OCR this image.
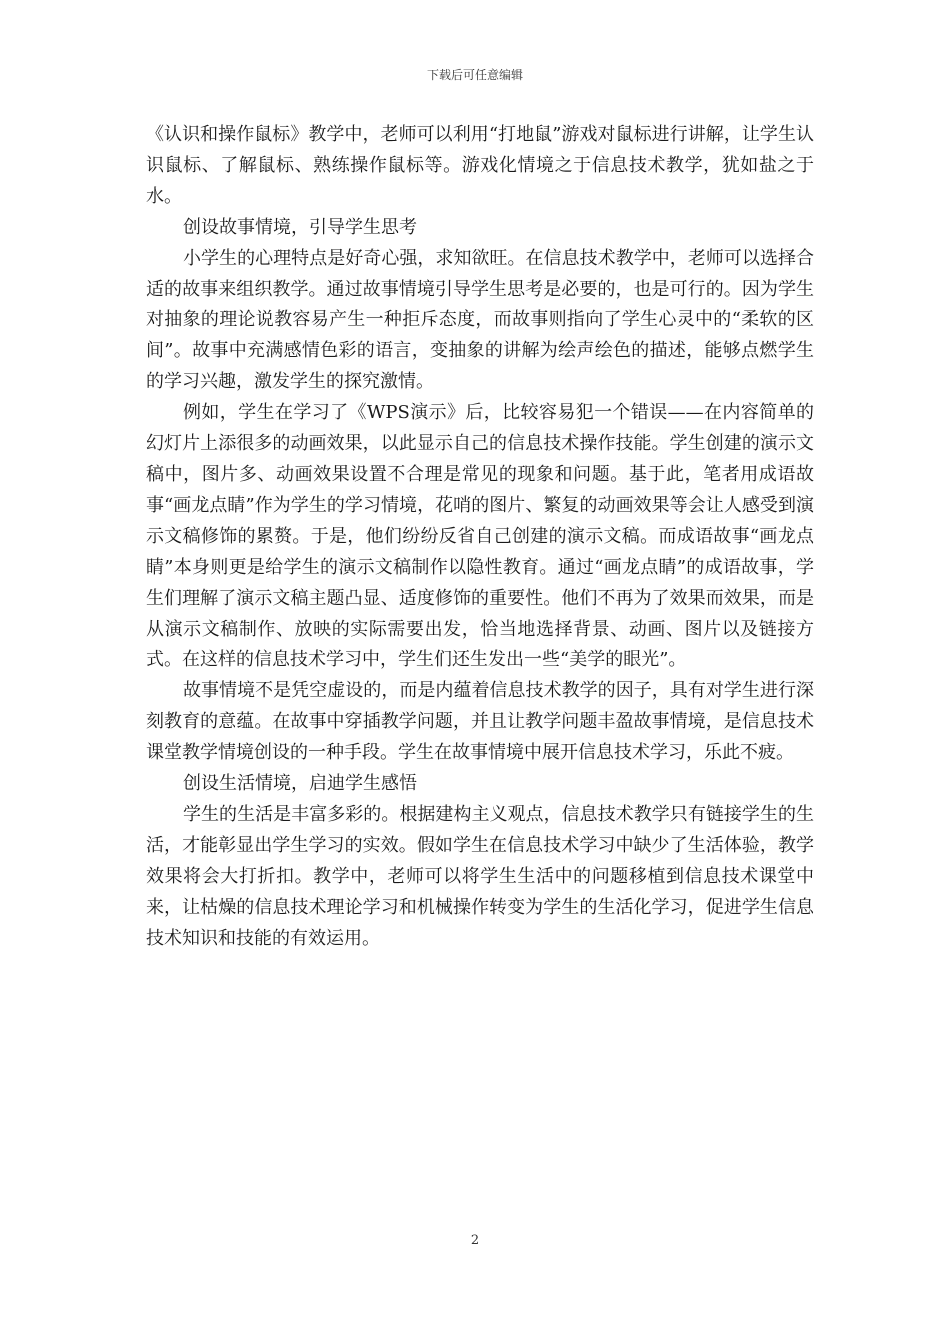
下载后可任意编辑

《认识和操作鼠标》教学中，老师可以利用“打地鼠”游戏对鼠标进行讲解，让学生认识鼠标、了解鼠标、熟练操作鼠标等。游戏化情境之于信息技术教学，犹如盐之于水。

创设故事情境，引导学生思考

小学生的心理特点是好奇心强，求知欲旺。在信息技术教学中，老师可以选择合适的故事来组织教学。通过故事情境引导学生思考是必要的，也是可行的。因为学生对抽象的理论说教容易产生一种拒斥态度，而故事则指向了学生心灵中的“柔软的区间”。故事中充满感情色彩的语言，变抽象的讲解为绘声绘色的描述，能够点燃学生的学习兴趣，激发学生的探究激情。

例如，学生在学习了《WPS演示》后，比较容易犯一个错误——在内容简单的幻灯片上添很多的动画效果，以此显示自己的信息技术操作技能。学生创建的演示文稿中，图片多、动画效果设置不合理是常见的现象和问题。基于此，笔者用成语故事“画龙点睛”作为学生的学习情境，花哨的图片、繁复的动画效果等会让人感受到演示文稿修饰的累赘。于是，他们纷纷反省自己创建的演示文稿。而成语故事“画龙点睛”本身则更是给学生的演示文稿制作以隐性教育。通过“画龙点睛”的成语故事，学生们理解了演示文稿主题凸显、适度修饰的重要性。他们不再为了效果而效果，而是从演示文稿制作、放映的实际需要出发，恰当地选择背景、动画、图片以及链接方式。在这样的信息技术学习中，学生们还生发出一些“美学的眼光”。

故事情境不是凭空虚设的，而是内蕴着信息技术教学的因子，具有对学生进行深刻教育的意蕴。在故事中穿插教学问题，并且让教学问题丰盈故事情境，是信息技术课堂教学情境创设的一种手段。学生在故事情境中展开信息技术学习，乐此不疲。

创设生活情境，启迪学生感悟

学生的生活是丰富多彩的。根据建构主义观点，信息技术教学只有链接学生的生活，才能彰显出学生学习的实效。假如学生在信息技术学习中缺少了生活体验，教学效果将会大打折扣。教学中，老师可以将学生生活中的问题移植到信息技术课堂中来，让枯燥的信息技术理论学习和机械操作转变为学生的生活化学习，促进学生信息技术知识和技能的有效运用。

2
